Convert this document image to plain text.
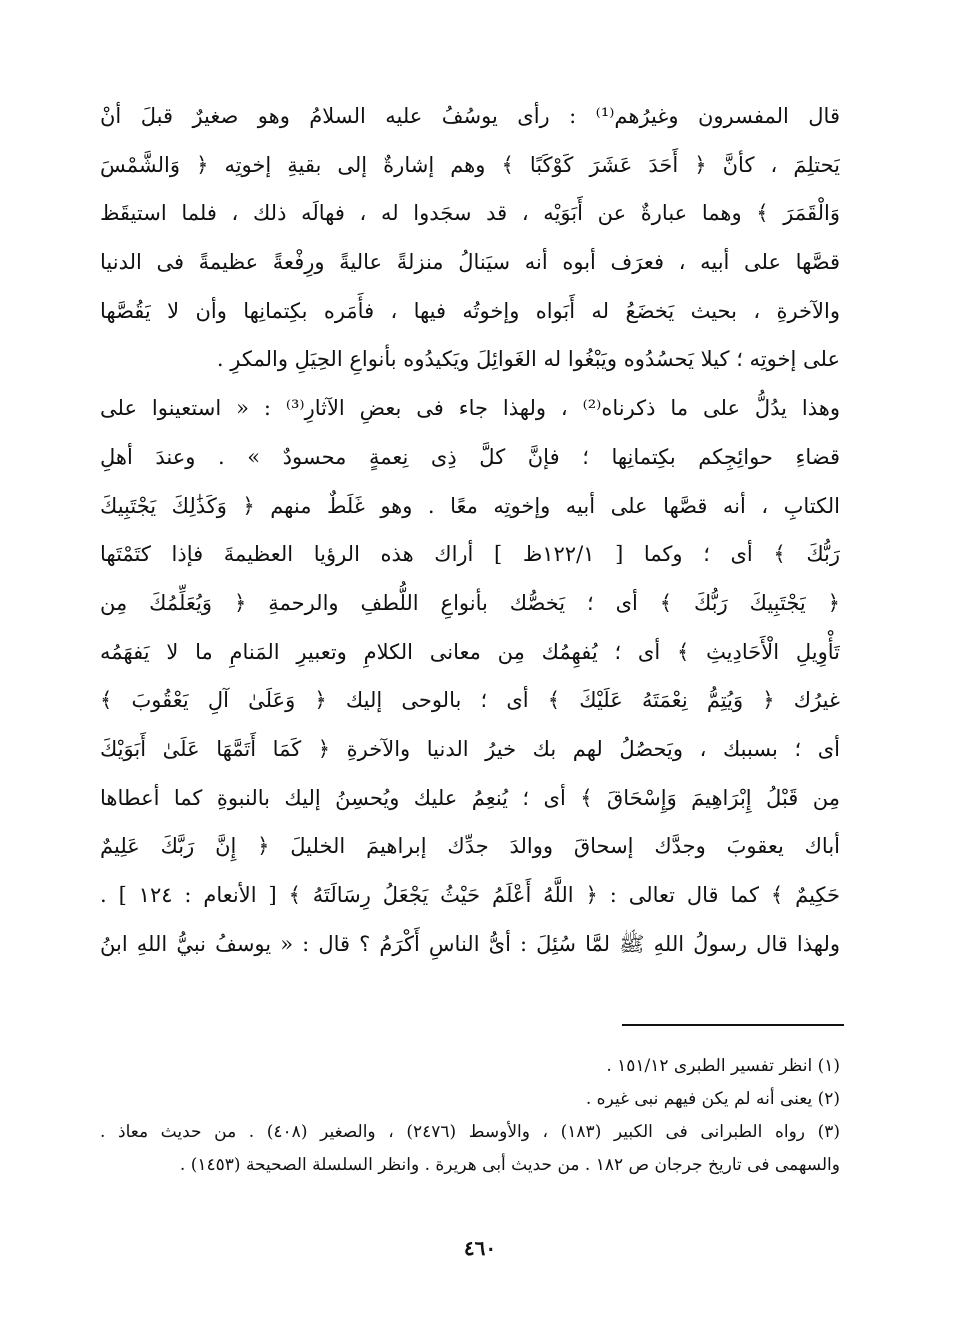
قال المفسرون وغيرُهم⁽¹⁾ : رأى يوسُفُ عليه السلامُ وهو صغيرٌ قبلَ أنْ
يَحتلِمَ ، كأنَّ ﴿ أَحَدَ عَشَرَ كَوْكَبًا ﴾ وهم إشارةٌ إلى بقيةِ إخوتِه ﴿ وَالشَّمْسَ
وَالْقَمَرَ ﴾ وهما عبارةٌ عن أَبَوَيْه ، قد سجَدوا له ، فهالَه ذلك ، فلما استيقَظ
قصَّها على أبيه ، فعرَف أبوه أنه سيَنالُ منزلةً عاليةً ورِفْعةً عظيمةً فى الدنيا
والآخرةِ ، بحيث يَخضَعُ له أَبَواه وإخوتُه فيها ، فأَمَره بكِتمانِها وأن لا يَقُصَّها
على إخوتِه ؛ كيلا يَحسُدُوه ويَبْغُوا له الغَوائِلَ ويَكيدُوه بأنواعِ الحِيَلِ والمكرِ .
وهذا يدُلُّ على ما ذكرناه⁽²⁾ ، ولهذا جاء فى بعضِ الآثارِ⁽³⁾ : « استعينوا على
قضاءِ حوائِجِكم بكِتمانِها ؛ فإنَّ كلَّ ذِى نِعمةٍ محسودٌ » . وعندَ أهلِ
الكتابِ ، أنه قصَّها على أبيه وإخوتِه معًا . وهو غَلَطٌ منهم ﴿ وَكَذَٰلِكَ يَجْتَبِيكَ
رَبُّكَ ﴾ أى ؛ وكما [ ١٢٢/١ظ ] أراك هذه الرؤيا العظيمةَ فإذا كتَمْتَها
﴿ يَجْتَبِيكَ رَبُّكَ ﴾ أى ؛ يَخصُّك بأنواعِ اللُّطفِ والرحمةِ ﴿ وَيُعَلِّمُكَ مِن
تَأْوِيلِ الْأَحَادِيثِ ﴾ أى ؛ يُفهِمُك مِن معانى الكلامِ وتعبيرِ المَنامِ ما لا يَفهَمُه
غيرُك ﴿ وَيُتِمُّ نِعْمَتَهُ عَلَيْكَ ﴾ أى ؛ بالوحى إليك ﴿ وَعَلَىٰ آلِ يَعْقُوبَ ﴾
أى ؛ بسببك ، ويَحصُلُ لهم بك خيرُ الدنيا والآخرةِ ﴿ كَمَا أَتَمَّهَا عَلَىٰ أَبَوَيْكَ
مِن قَبْلُ إِبْرَاهِيمَ وَإِسْحَاقَ ﴾ أى ؛ يُنعِمُ عليك ويُحسِنُ إليك بالنبوةِ كما أعطاها
أباك يعقوبَ وجدَّك إسحاقَ ووالدَ جدِّك إبراهيمَ الخليلَ ﴿ إِنَّ رَبَّكَ عَلِيمٌ
حَكِيمٌ ﴾ كما قال تعالى : ﴿ اللَّهُ أَعْلَمُ حَيْثُ يَجْعَلُ رِسَالَتَهُ ﴾ [ الأنعام : ١٢٤ ] .
ولهذا قال رسولُ اللهِ ﷺ لمَّا سُئِلَ : أىُّ الناسِ أَكْرَمُ ؟ قال : « يوسفُ نبيُّ اللهِ ابنُ
(١) انظر تفسير الطبرى ١٥١/١٢ .
(٢) يعنى أنه لم يكن فيهم نبى غيره .
(٣) رواه الطبرانى فى الكبير (١٨٣) ، والأوسط (٢٤٧٦) ، والصغير (٤٠٨) . من حديث معاذ .
والسهمى فى تاريخ جرجان ص ١٨٢ . من حديث أبى هريرة . وانظر السلسلة الصحيحة (١٤٥٣) .
٤٦٠
